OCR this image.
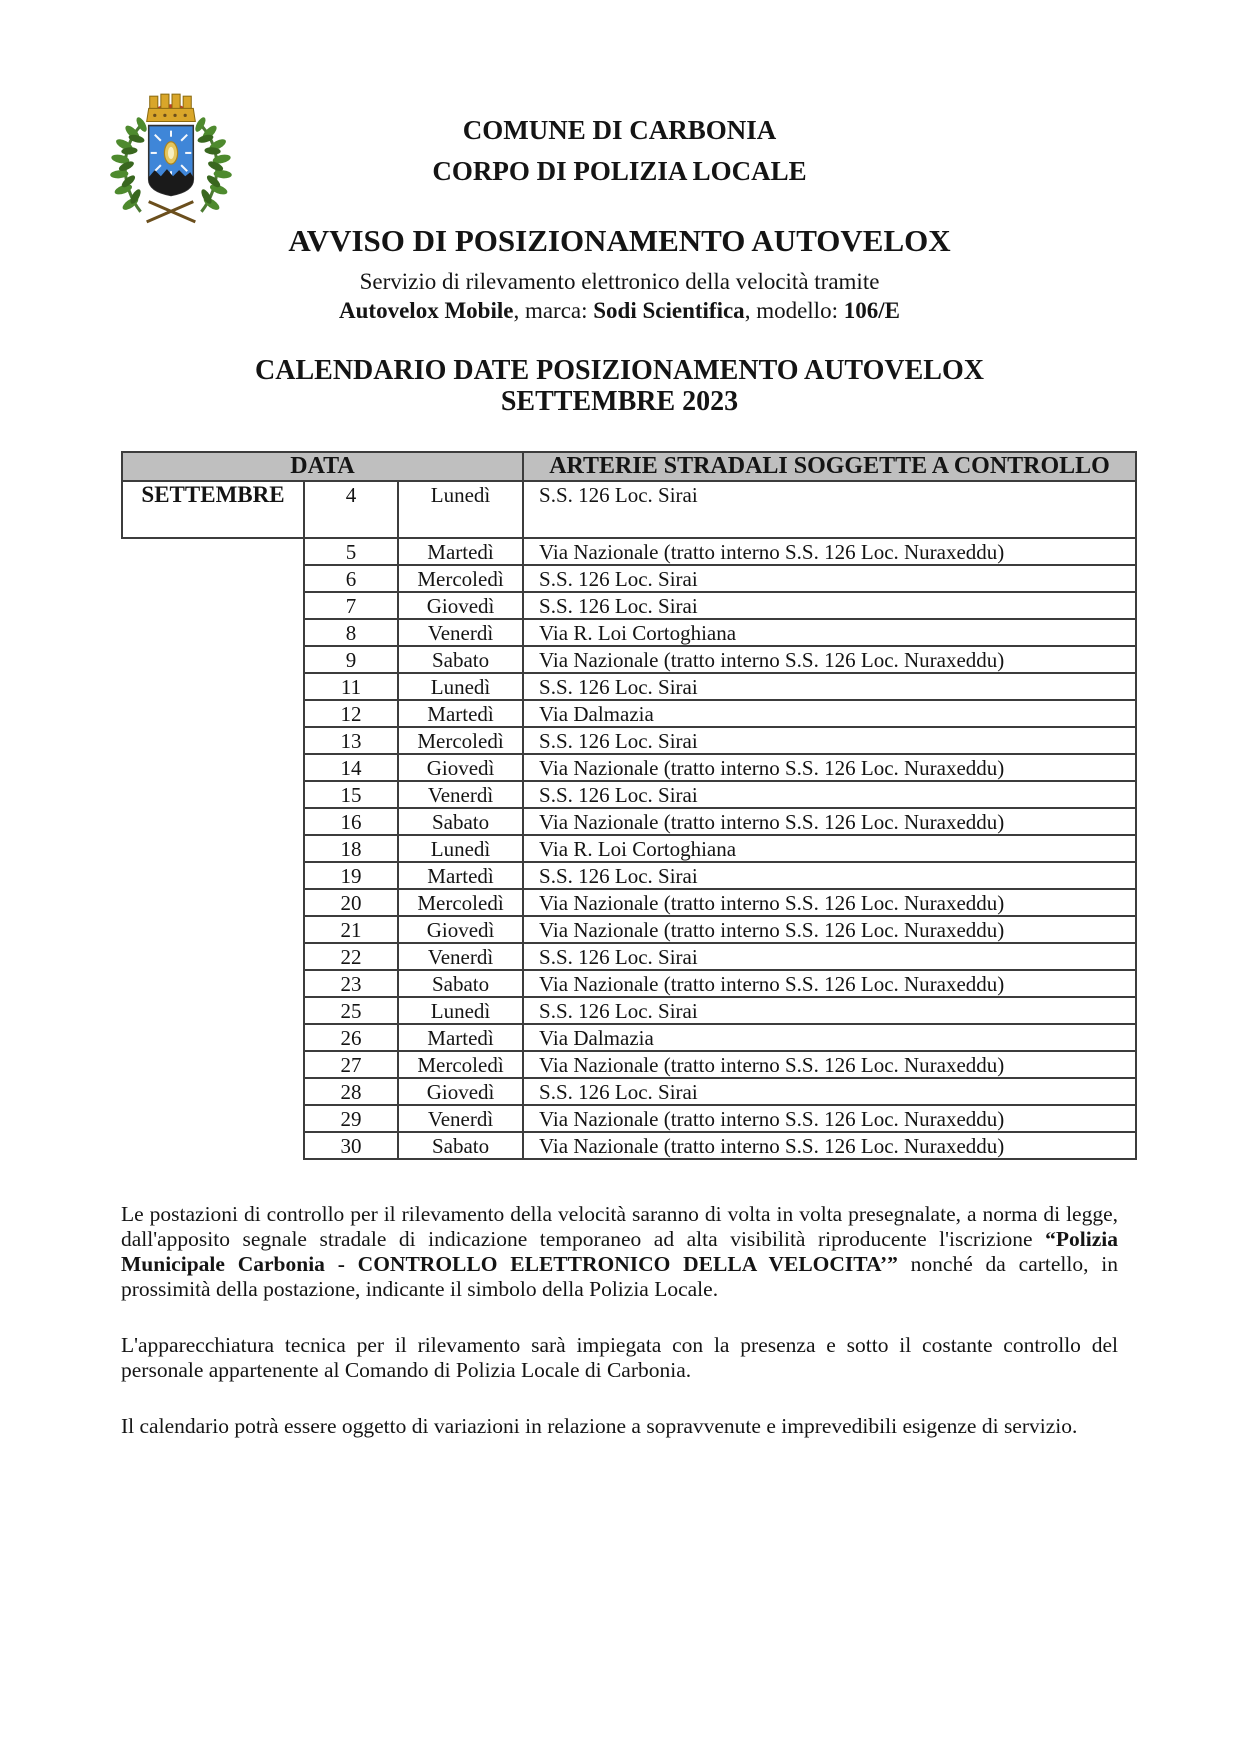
COMUNE DI CARBONIA
CORPO DI POLIZIA LOCALE
AVVISO DI POSIZIONAMENTO AUTOVELOX
Servizio di rilevamento elettronico della velocità tramite
Autovelox Mobile, marca: Sodi Scientifica, modello: 106/E
CALENDARIO DATE POSIZIONAMENTO AUTOVELOX
SETTEMBRE 2023
DATA			ARTERIE STRADALI SOGGETTE A CONTROLLO
SETTEMBRE	4	Lunedì	S.S. 126 Loc. Sirai
	5	Martedì	Via Nazionale (tratto interno S.S. 126 Loc. Nuraxeddu)
	6	Mercoledì	S.S. 126 Loc. Sirai
	7	Giovedì	S.S. 126 Loc. Sirai
	8	Venerdì	Via R. Loi Cortoghiana
	9	Sabato	Via Nazionale (tratto interno S.S. 126 Loc. Nuraxeddu)
	11	Lunedì	S.S. 126 Loc. Sirai
	12	Martedì	Via Dalmazia
	13	Mercoledì	S.S. 126 Loc. Sirai
	14	Giovedì	Via Nazionale (tratto interno S.S. 126 Loc. Nuraxeddu)
	15	Venerdì	S.S. 126 Loc. Sirai
	16	Sabato	Via Nazionale (tratto interno S.S. 126 Loc. Nuraxeddu)
	18	Lunedì	Via R. Loi Cortoghiana
	19	Martedì	S.S. 126 Loc. Sirai
	20	Mercoledì	Via Nazionale (tratto interno S.S. 126 Loc. Nuraxeddu)
	21	Giovedì	Via Nazionale (tratto interno S.S. 126 Loc. Nuraxeddu)
	22	Venerdì	S.S. 126 Loc. Sirai
	23	Sabato	Via Nazionale (tratto interno S.S. 126 Loc. Nuraxeddu)
	25	Lunedì	S.S. 126 Loc. Sirai
	26	Martedì	Via Dalmazia
	27	Mercoledì	Via Nazionale (tratto interno S.S. 126 Loc. Nuraxeddu)
	28	Giovedì	S.S. 126 Loc. Sirai
	29	Venerdì	Via Nazionale (tratto interno S.S. 126 Loc. Nuraxeddu)
	30	Sabato	Via Nazionale (tratto interno S.S. 126 Loc. Nuraxeddu)

Le postazioni di controllo per il rilevamento della velocità saranno di volta in volta presegnalate, a norma di legge, dall'apposito segnale stradale di indicazione temporaneo ad alta visibilità riproducente l'iscrizione “Polizia Municipale Carbonia - CONTROLLO ELETTRONICO DELLA VELOCITA’” nonché da cartello, in prossimità della postazione, indicante il simbolo della Polizia Locale.

L'apparecchiatura tecnica per il rilevamento sarà impiegata con la presenza e sotto il costante controllo del personale appartenente al Comando di Polizia Locale di Carbonia.

Il calendario potrà essere oggetto di variazioni in relazione a sopravvenute e imprevedibili esigenze di servizio.
